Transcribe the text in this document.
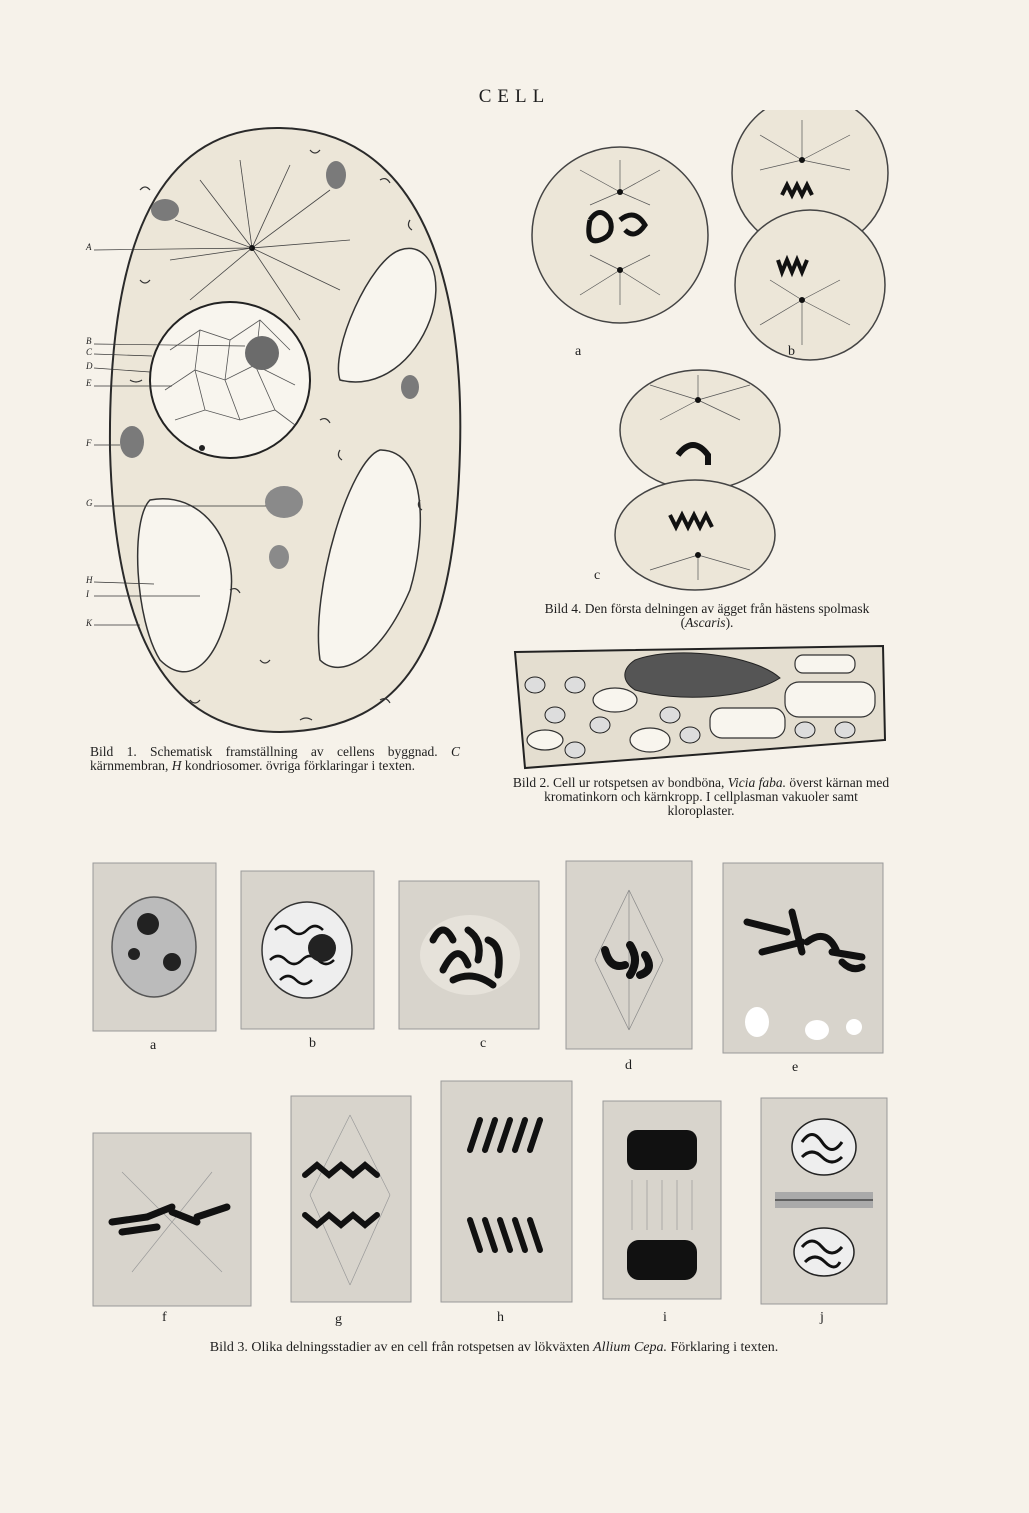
CELL
A
B
C
D
E
F
G
H
I
K
Bild 1. Schematisk framställning av cellens byggnad. C kärnmembran, H kondriosomer. övriga förklaringar i texten.
a	b
c
Bild 4. Den första delningen av ägget från hästens spolmask (Ascaris).
Bild 2. Cell ur rotspetsen av bondböna, Vicia faba. överst kärnan med kromatinkorn och kärnkropp. I cellplasman vakuoler samt kloroplaster.
a	b	c
d	e
f	g	h	i	j
Bild 3. Olika delningsstadier av en cell från rotspetsen av lökväxten Allium Cepa. Förklaring i texten.
